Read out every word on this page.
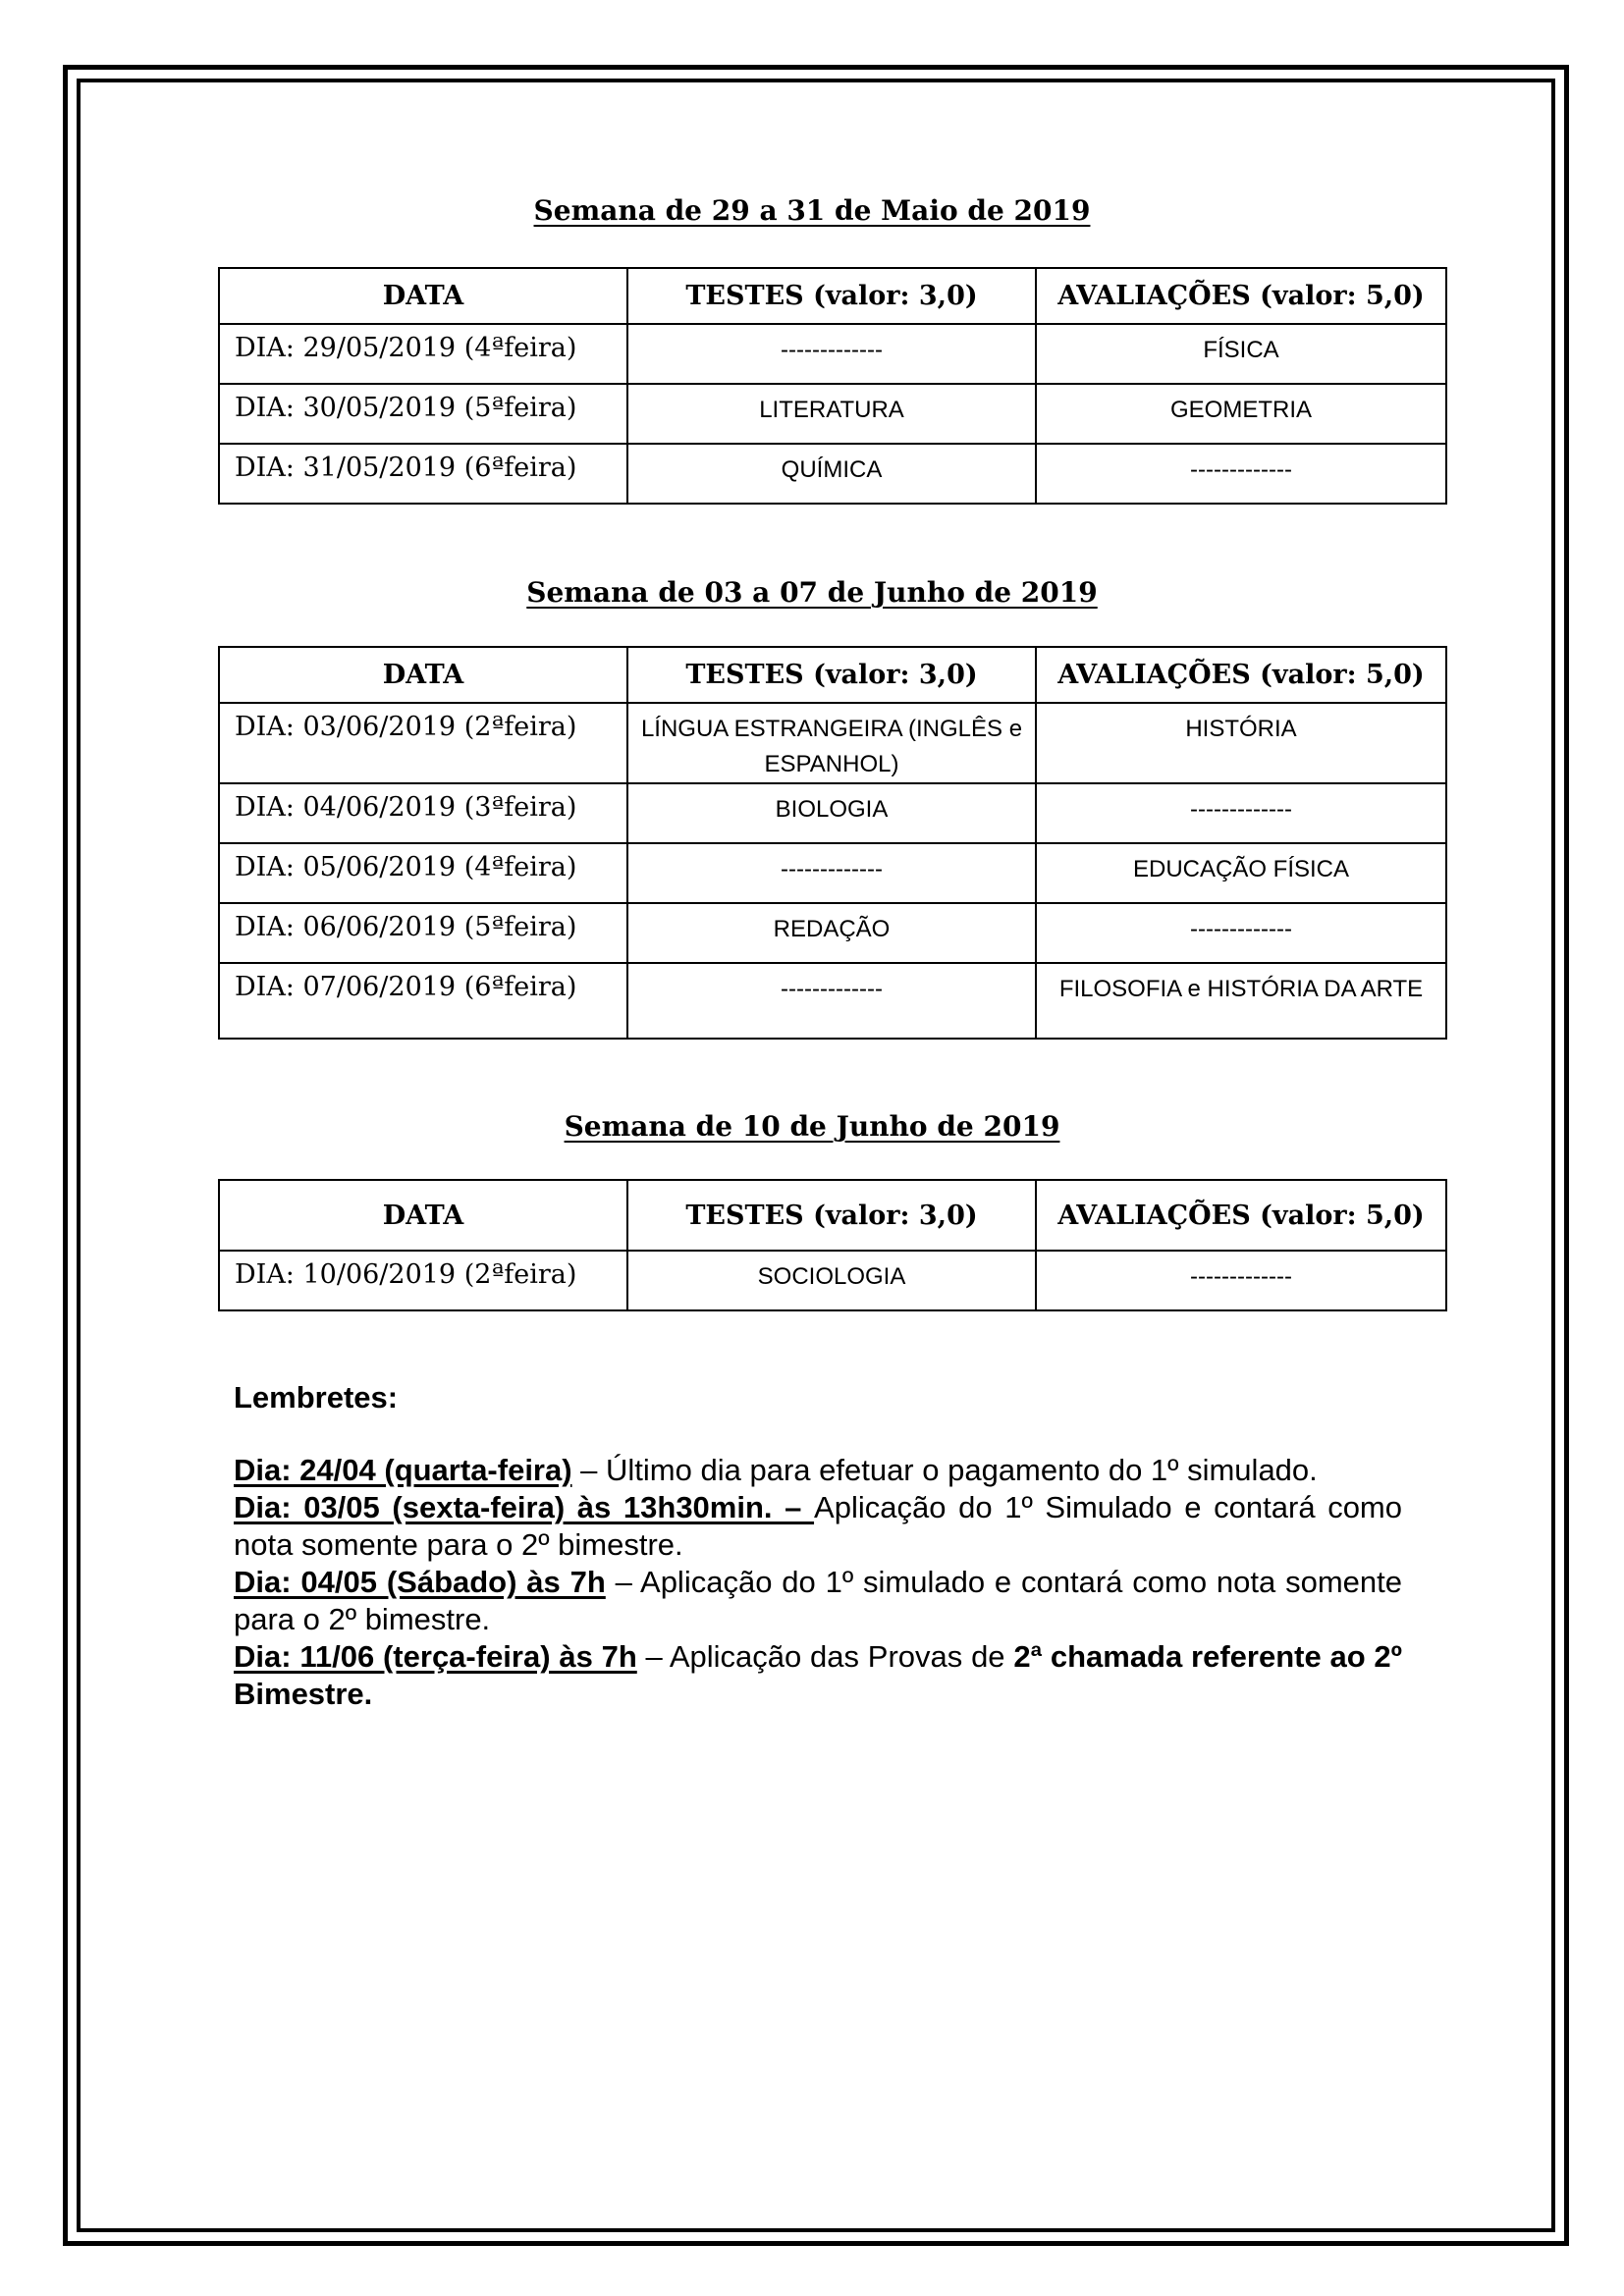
Semana de 29 a 31 de Maio de 2019
DATA	TESTES (valor: 3,0)	AVALIAÇÕES (valor: 5,0)
DIA: 29/05/2019 (4ªfeira)	-------------	FÍSICA
DIA: 30/05/2019 (5ªfeira)	LITERATURA	GEOMETRIA
DIA: 31/05/2019 (6ªfeira)	QUÍMICA	-------------
Semana de 03 a 07 de Junho de 2019
DATA	TESTES (valor: 3,0)	AVALIAÇÕES (valor: 5,0)
DIA: 03/06/2019 (2ªfeira)	LÍNGUA ESTRANGEIRA (INGLÊS e ESPANHOL)	HISTÓRIA
DIA: 04/06/2019 (3ªfeira)	BIOLOGIA	-------------
DIA: 05/06/2019 (4ªfeira)	-------------	EDUCAÇÃO FÍSICA
DIA: 06/06/2019 (5ªfeira)	REDAÇÃO	-------------
DIA: 07/06/2019 (6ªfeira)	-------------	FILOSOFIA e HISTÓRIA DA ARTE
Semana de 10 de Junho de 2019
DATA	TESTES (valor: 3,0)	AVALIAÇÕES (valor: 5,0)
DIA: 10/06/2019 (2ªfeira)	SOCIOLOGIA	-------------
Lembretes:
Dia: 24/04 (quarta-feira) – Último dia para efetuar o pagamento do 1º simulado.
Dia: 03/05 (sexta-feira) às 13h30min. – Aplicação do 1º Simulado e contará como nota somente para o 2º bimestre.
Dia: 04/05 (Sábado) às 7h – Aplicação do 1º simulado e contará como nota somente para o 2º bimestre.
Dia: 11/06 (terça-feira) às 7h – Aplicação das Provas de 2ª chamada referente ao 2º Bimestre.
